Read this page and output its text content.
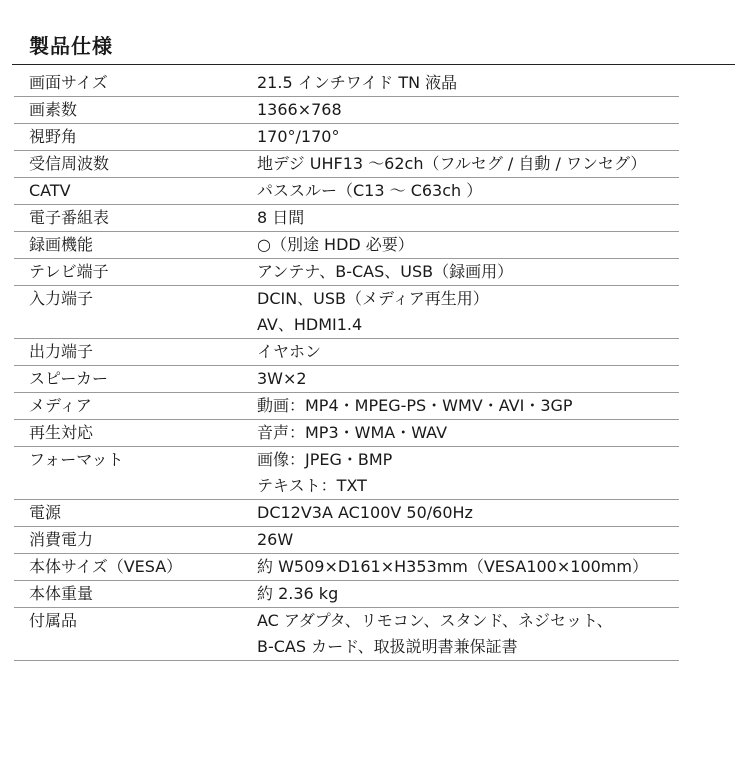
製品仕様
画面サイズ	21.5 インチワイド TN 液晶
画素数	1366×768
視野角	170°/170°
受信周波数	地デジ UHF13 ～62ch（フルセグ / 自動 / ワンセグ）
CATV	パススルー（C13 ～ C63ch ）
電子番組表	8 日間
録画機能	○（別途 HDD 必要）
テレビ端子	アンテナ、B-CAS、USB（録画用）
入力端子	DCIN、USB（メディア再生用）
AV、HDMI1.4
出力端子	イヤホン
スピーカー	3W×2
メディア	動画：MP4・MPEG-PS・WMV・AVI・3GP
再生対応	音声：MP3・WMA・WAV
フォーマット	画像：JPEG・BMP
テキスト：TXT
電源	DC12V3A AC100V 50/60Hz
消費電力	26W
本体サイズ（VESA）	約 W509×D161×H353mm（VESA100×100mm）
本体重量	約 2.36 kg
付属品	AC アダプタ、リモコン、スタンド、ネジセット、
B-CAS カード、取扱説明書兼保証書
